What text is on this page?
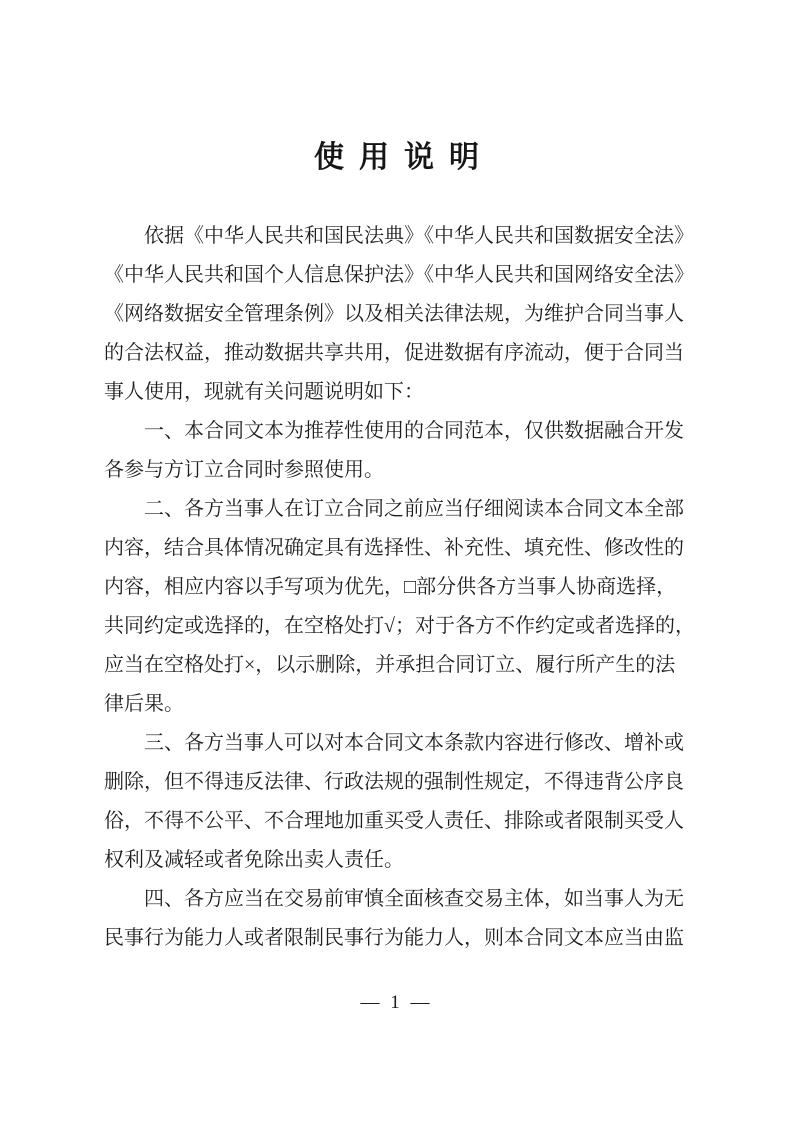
使用说明
依据《中华人民共和国民法典》《中华人民共和国数据安全法》
《中华人民共和国个人信息保护法》《中华人民共和国网络安全法》
《网络数据安全管理条例》以及相关法律法规，为维护合同当事人
的合法权益，推动数据共享共用，促进数据有序流动，便于合同当
事人使用，现就有关问题说明如下：
一、本合同文本为推荐性使用的合同范本，仅供数据融合开发
各参与方订立合同时参照使用。
二、各方当事人在订立合同之前应当仔细阅读本合同文本全部
内容，结合具体情况确定具有选择性、补充性、填充性、修改性的
内容，相应内容以手写项为优先，□部分供各方当事人协商选择，
共同约定或选择的，在空格处打√；对于各方不作约定或者选择的，
应当在空格处打×，以示删除，并承担合同订立、履行所产生的法
律后果。
三、各方当事人可以对本合同文本条款内容进行修改、增补或
删除，但不得违反法律、行政法规的强制性规定，不得违背公序良
俗，不得不公平、不合理地加重买受人责任、排除或者限制买受人
权利及减轻或者免除出卖人责任。
四、各方应当在交易前审慎全面核查交易主体，如当事人为无
民事行为能力人或者限制民事行为能力人，则本合同文本应当由监
— 1 —
